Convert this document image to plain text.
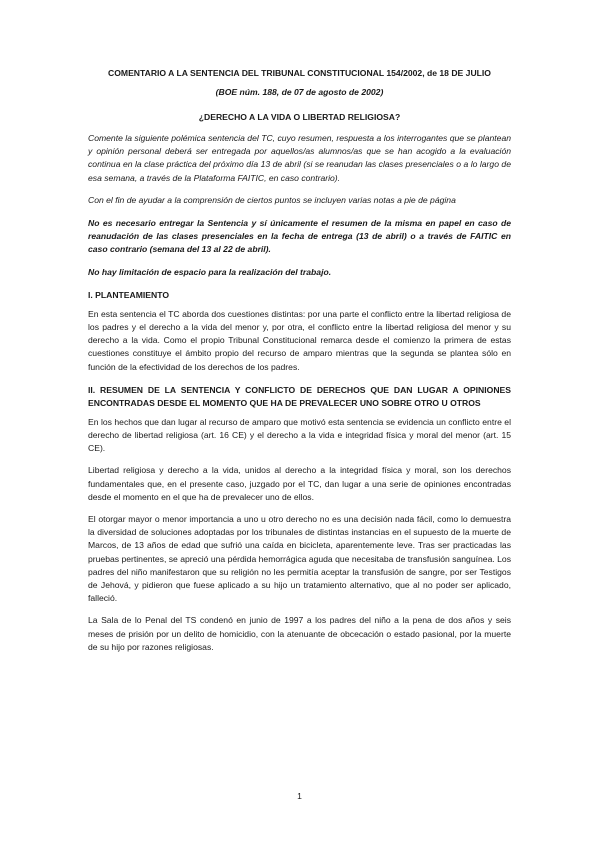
COMENTARIO A LA SENTENCIA DEL TRIBUNAL CONSTITUCIONAL 154/2002, de 18 DE JULIO

(BOE núm. 188, de 07 de agosto de 2002)

¿DERECHO A LA VIDA O LIBERTAD RELIGIOSA?

Comente la siguiente polémica sentencia del TC, cuyo resumen, respuesta a los interrogantes que se plantean y opinión personal deberá ser entregada por aquellos/as alumnos/as que se han acogido a la evaluación continua en la clase práctica del próximo día 13 de abril (si se reanudan las clases presenciales o a lo largo de esa semana, a través de la Plataforma FAITIC, en caso contrario).

Con el fin de ayudar a la comprensión de ciertos puntos se incluyen varias notas a pie de página

No es necesario entregar la Sentencia y sí únicamente el resumen de la misma en papel en caso de reanudación de las clases presenciales en la fecha de entrega (13 de abril) o a través de FAITIC en caso contrario (semana del 13 al 22 de abril).

No hay limitación de espacio para la realización del trabajo.

I. PLANTEAMIENTO

En esta sentencia el TC aborda dos cuestiones distintas: por una parte el conflicto entre la libertad religiosa de los padres y el derecho a la vida del menor y, por otra, el conflicto entre la libertad religiosa del menor y su derecho a la vida. Como el propio Tribunal Constitucional remarca desde el comienzo la primera de estas cuestiones constituye el ámbito propio del recurso de amparo mientras que la segunda se plantea sólo en función de la efectividad de los derechos de los padres.

II. RESUMEN DE LA SENTENCIA Y CONFLICTO DE DERECHOS QUE DAN LUGAR A OPINIONES ENCONTRADAS DESDE EL MOMENTO QUE HA DE PREVALECER UNO SOBRE OTRO U OTROS

En los hechos que dan lugar al recurso de amparo que motivó esta sentencia se evidencia un conflicto entre el derecho de libertad religiosa (art. 16 CE) y el derecho a la vida e integridad física y moral del menor (art. 15 CE).

Libertad religiosa y derecho a la vida, unidos al derecho a la integridad física y moral, son los derechos fundamentales que, en el presente caso, juzgado por el TC, dan lugar a una serie de opiniones encontradas desde el momento en el que ha de prevalecer uno de ellos.

El otorgar mayor o menor importancia a uno u otro derecho no es una decisión nada fácil, como lo demuestra la diversidad de soluciones adoptadas por los tribunales de distintas instancias en el supuesto de la muerte de Marcos, de 13 años de edad que sufrió una caída en bicicleta, aparentemente leve. Tras ser practicadas las pruebas pertinentes, se apreció una pérdida hemorrágica aguda que necesitaba de transfusión sanguínea. Los padres del niño manifestaron que su religión no les permitía aceptar la transfusión de sangre, por ser Testigos de Jehová, y pidieron que fuese aplicado a su hijo un tratamiento alternativo, que al no poder ser aplicado, falleció.

La Sala de lo Penal del TS condenó en junio de 1997 a los padres del niño a la pena de dos años y seis meses de prisión por un delito de homicidio, con la atenuante de obcecación o estado pasional, por la muerte de su hijo por razones religiosas.

1
